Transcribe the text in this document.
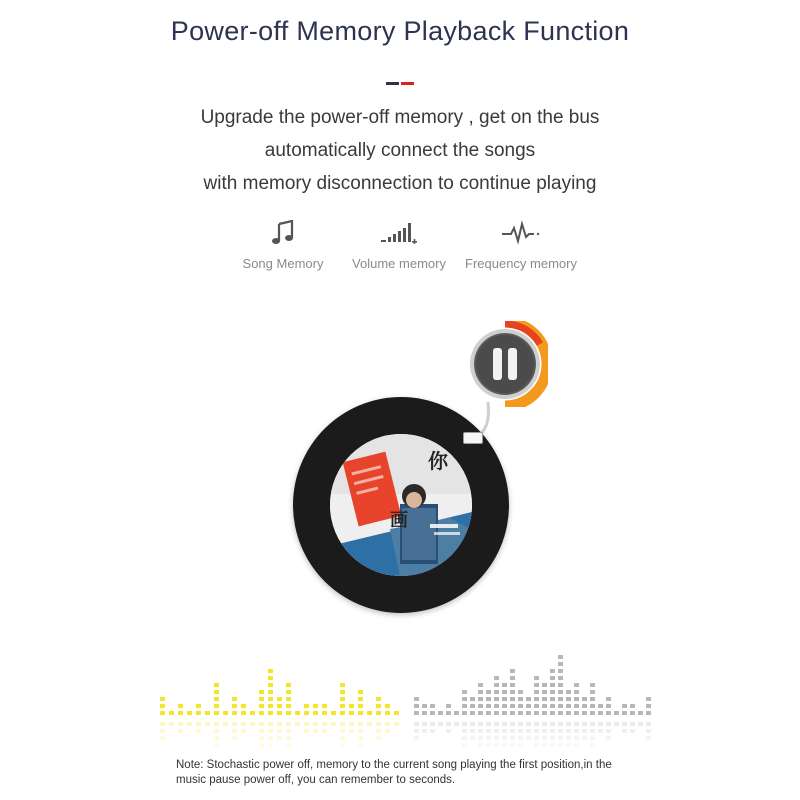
Power-off Memory Playback Function
Upgrade the power-off memory , get on the bus
automatically connect the songs
with memory disconnection to continue playing
Song Memory	Volume memory	Frequency memory
你
画
Note: Stochastic power off, memory to the current song playing the first position,in the
music pause power off, you can remember to seconds.
